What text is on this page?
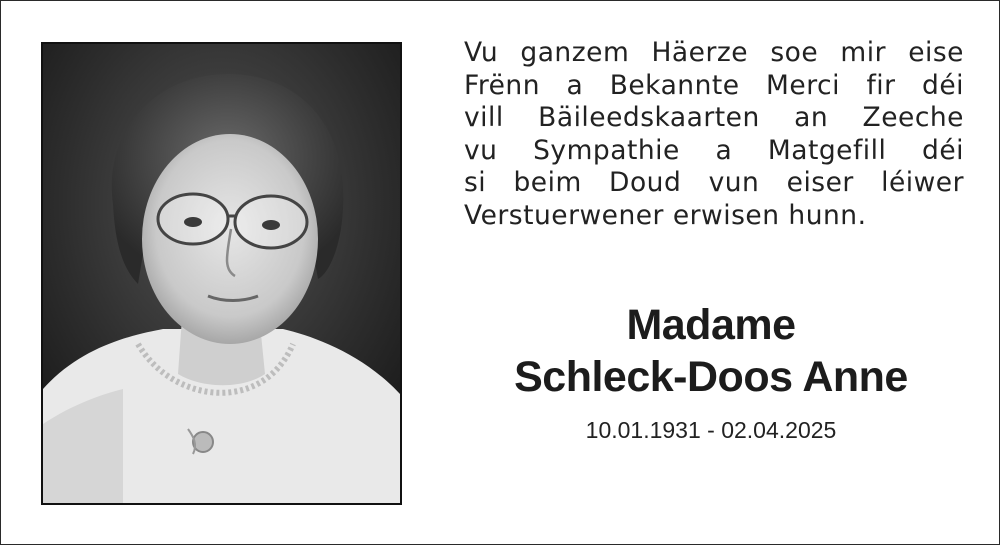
Vu ganzem Häerze soe mir eise
Frënn a Bekannte Merci fir déi
vill Bäileedskaarten an Zeeche
vu Sympathie a Matgefill déi
si beim Doud vun eiser léiwer
Verstuerwener erwisen hunn.
Madame
Schleck-Doos Anne
10.01.1931 - 02.04.2025
